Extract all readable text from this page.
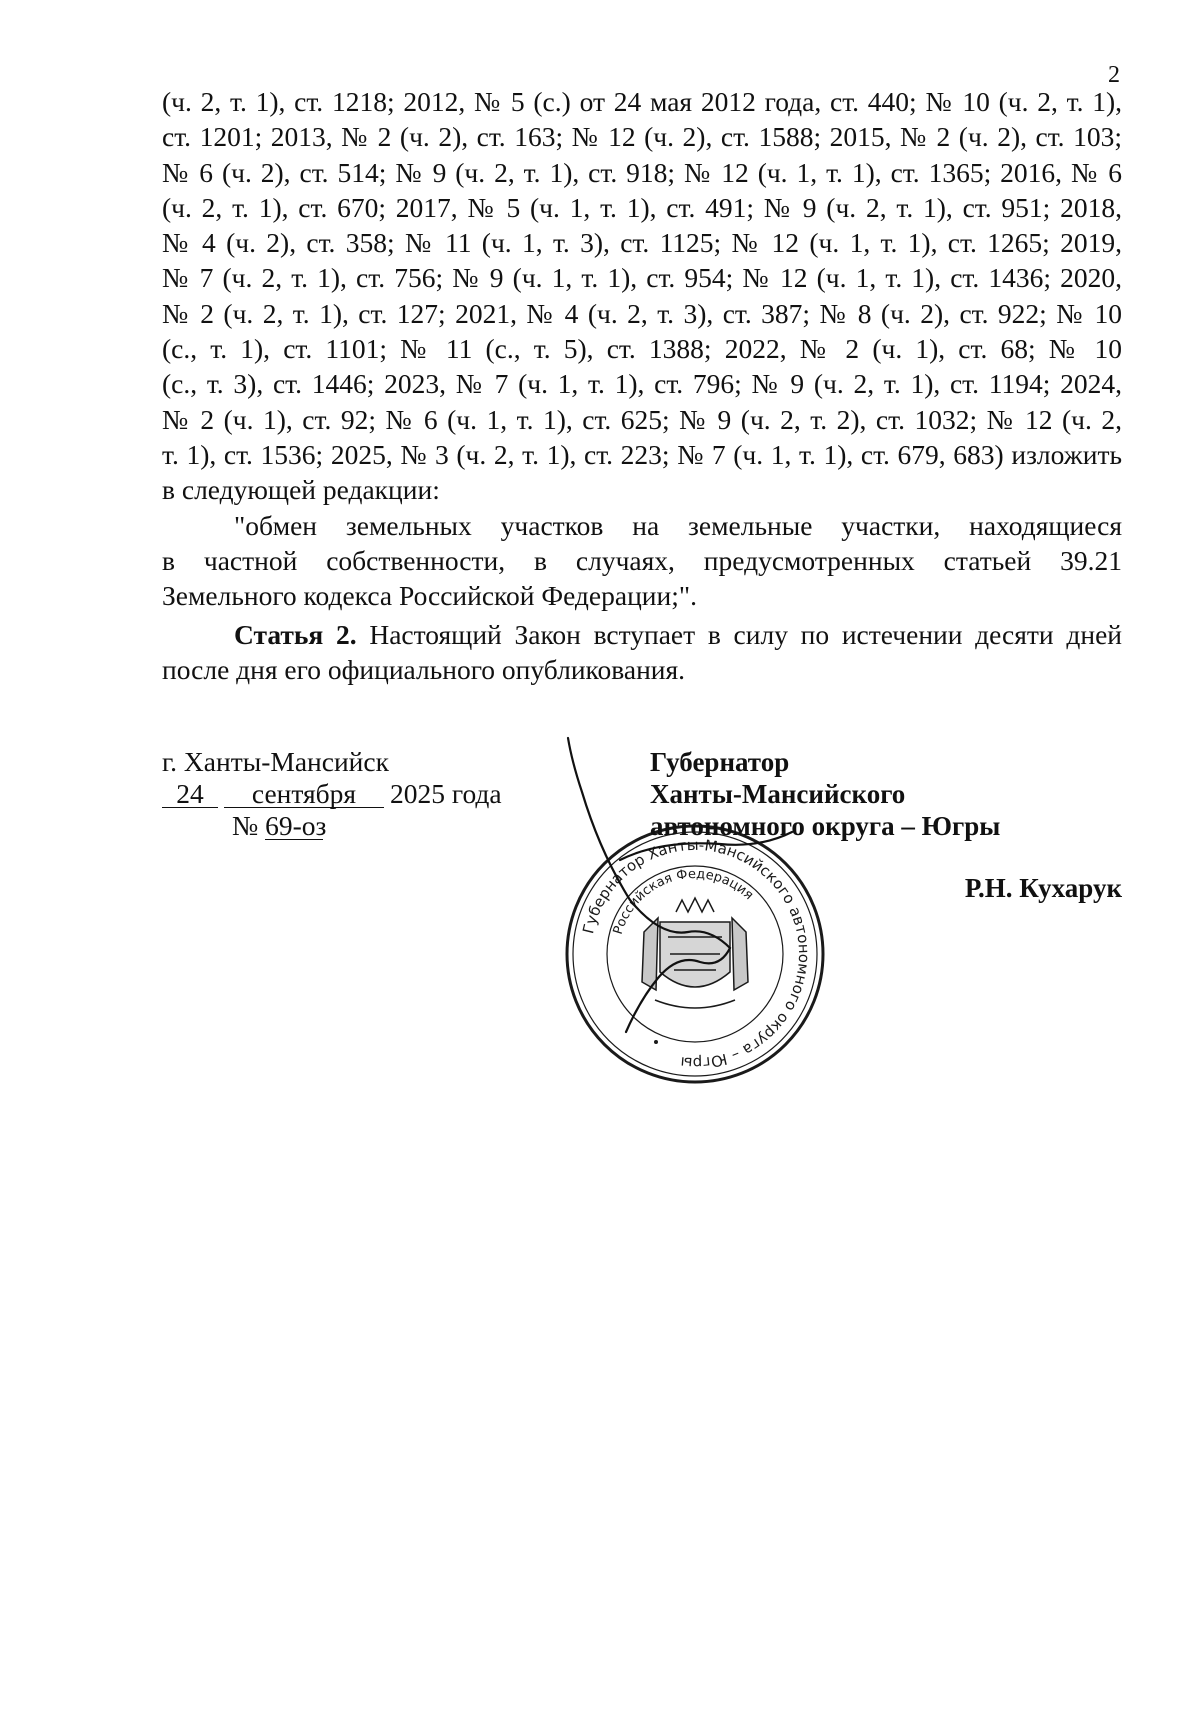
2
(ч. 2, т. 1), ст. 1218; 2012, № 5 (с.) от 24 мая 2012 года, ст. 440; № 10 (ч. 2, т. 1),
ст. 1201; 2013, № 2 (ч. 2), ст. 163; № 12 (ч. 2), ст. 1588; 2015, № 2 (ч. 2), ст. 103;
№ 6 (ч. 2), ст. 514; № 9 (ч. 2, т. 1), ст. 918; № 12 (ч. 1, т. 1), ст. 1365; 2016, № 6
(ч. 2, т. 1), ст. 670; 2017, № 5 (ч. 1, т. 1), ст. 491; № 9 (ч. 2, т. 1), ст. 951; 2018,
№ 4 (ч. 2), ст. 358; № 11 (ч. 1, т. 3), ст. 1125; № 12 (ч. 1, т. 1), ст. 1265; 2019,
№ 7 (ч. 2, т. 1), ст. 756; № 9 (ч. 1, т. 1), ст. 954; № 12 (ч. 1, т. 1), ст. 1436; 2020,
№ 2 (ч. 2, т. 1), ст. 127; 2021, № 4 (ч. 2, т. 3), ст. 387; № 8 (ч. 2), ст. 922; № 10
(с., т. 1), ст. 1101; № 11 (с., т. 5), ст. 1388; 2022, № 2 (ч. 1), ст. 68; № 10
(с., т. 3), ст. 1446; 2023, № 7 (ч. 1, т. 1), ст. 796; № 9 (ч. 2, т. 1), ст. 1194; 2024,
№ 2 (ч. 1), ст. 92; № 6 (ч. 1, т. 1), ст. 625; № 9 (ч. 2, т. 2), ст. 1032; № 12 (ч. 2,
т. 1), ст. 1536; 2025, № 3 (ч. 2, т. 1), ст. 223; № 7 (ч. 1, т. 1), ст. 679, 683) изложить
в следующей редакции:
"обмен земельных участков на земельные участки, находящиеся
в частной собственности, в случаях, предусмотренных статьей 39.21
Земельного кодекса Российской Федерации;".
Статья 2. Настоящий Закон вступает в силу по истечении десяти дней
после дня его официального опубликования.
г. Ханты-Мансийск
24 сентября 2025 года
№ 69-оз
Губернатор Ханты-Мансийского автономного округа – Югры
Российская Федерация
Губернатор
Ханты-Мансийского
автономного округа – Югры
Р.Н. Кухарук
